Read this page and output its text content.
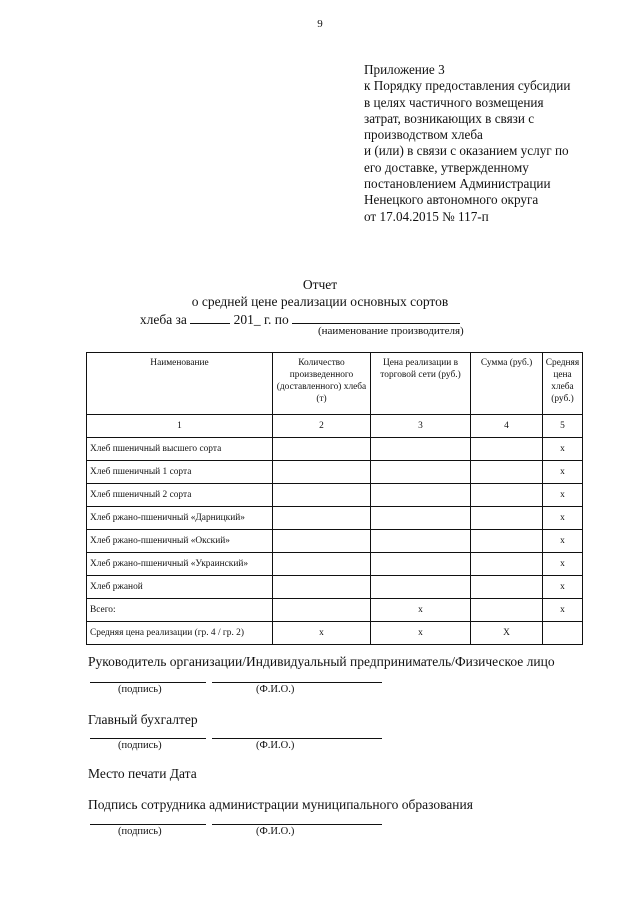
9
Приложение 3
к Порядку предоставления субсидии
в целях частичного возмещения
затрат, возникающих в связи с
производством хлеба
и (или) в связи с оказанием услуг по
его доставке, утвержденному
постановлением Администрации
Ненецкого автономного округа
от 17.04.2015 № 117-п
Отчет
о средней цене реализации основных сортов
хлеба за	201_ г. по
(наименование производителя)
Наименование	Количество произведенного (доставленного) хлеба (т)	Цена реализации в торговой сети (руб.)	Сумма (руб.)	Средняя цена хлеба (руб.)
1	2	3	4	5
Хлеб пшеничный высшего сорта				x
Хлеб пшеничный 1 сорта				x
Хлеб пшеничный 2 сорта				x
Хлеб ржано-пшеничный «Дарницкий»				x
Хлеб ржано-пшеничный «Окский»				x
Хлеб ржано-пшеничный «Украинский»				x
Хлеб ржаной				x
Всего:		x		x
Средняя цена реализации (гр. 4 / гр. 2)	x	x	X	
Руководитель организации/Индивидуальный предприниматель/Физическое лицо
(подпись)	(Ф.И.О.)
Главный бухгалтер
(подпись)	(Ф.И.О.)
Место печати Дата
Подпись сотрудника администрации муниципального образования
(подпись)	(Ф.И.О.)
